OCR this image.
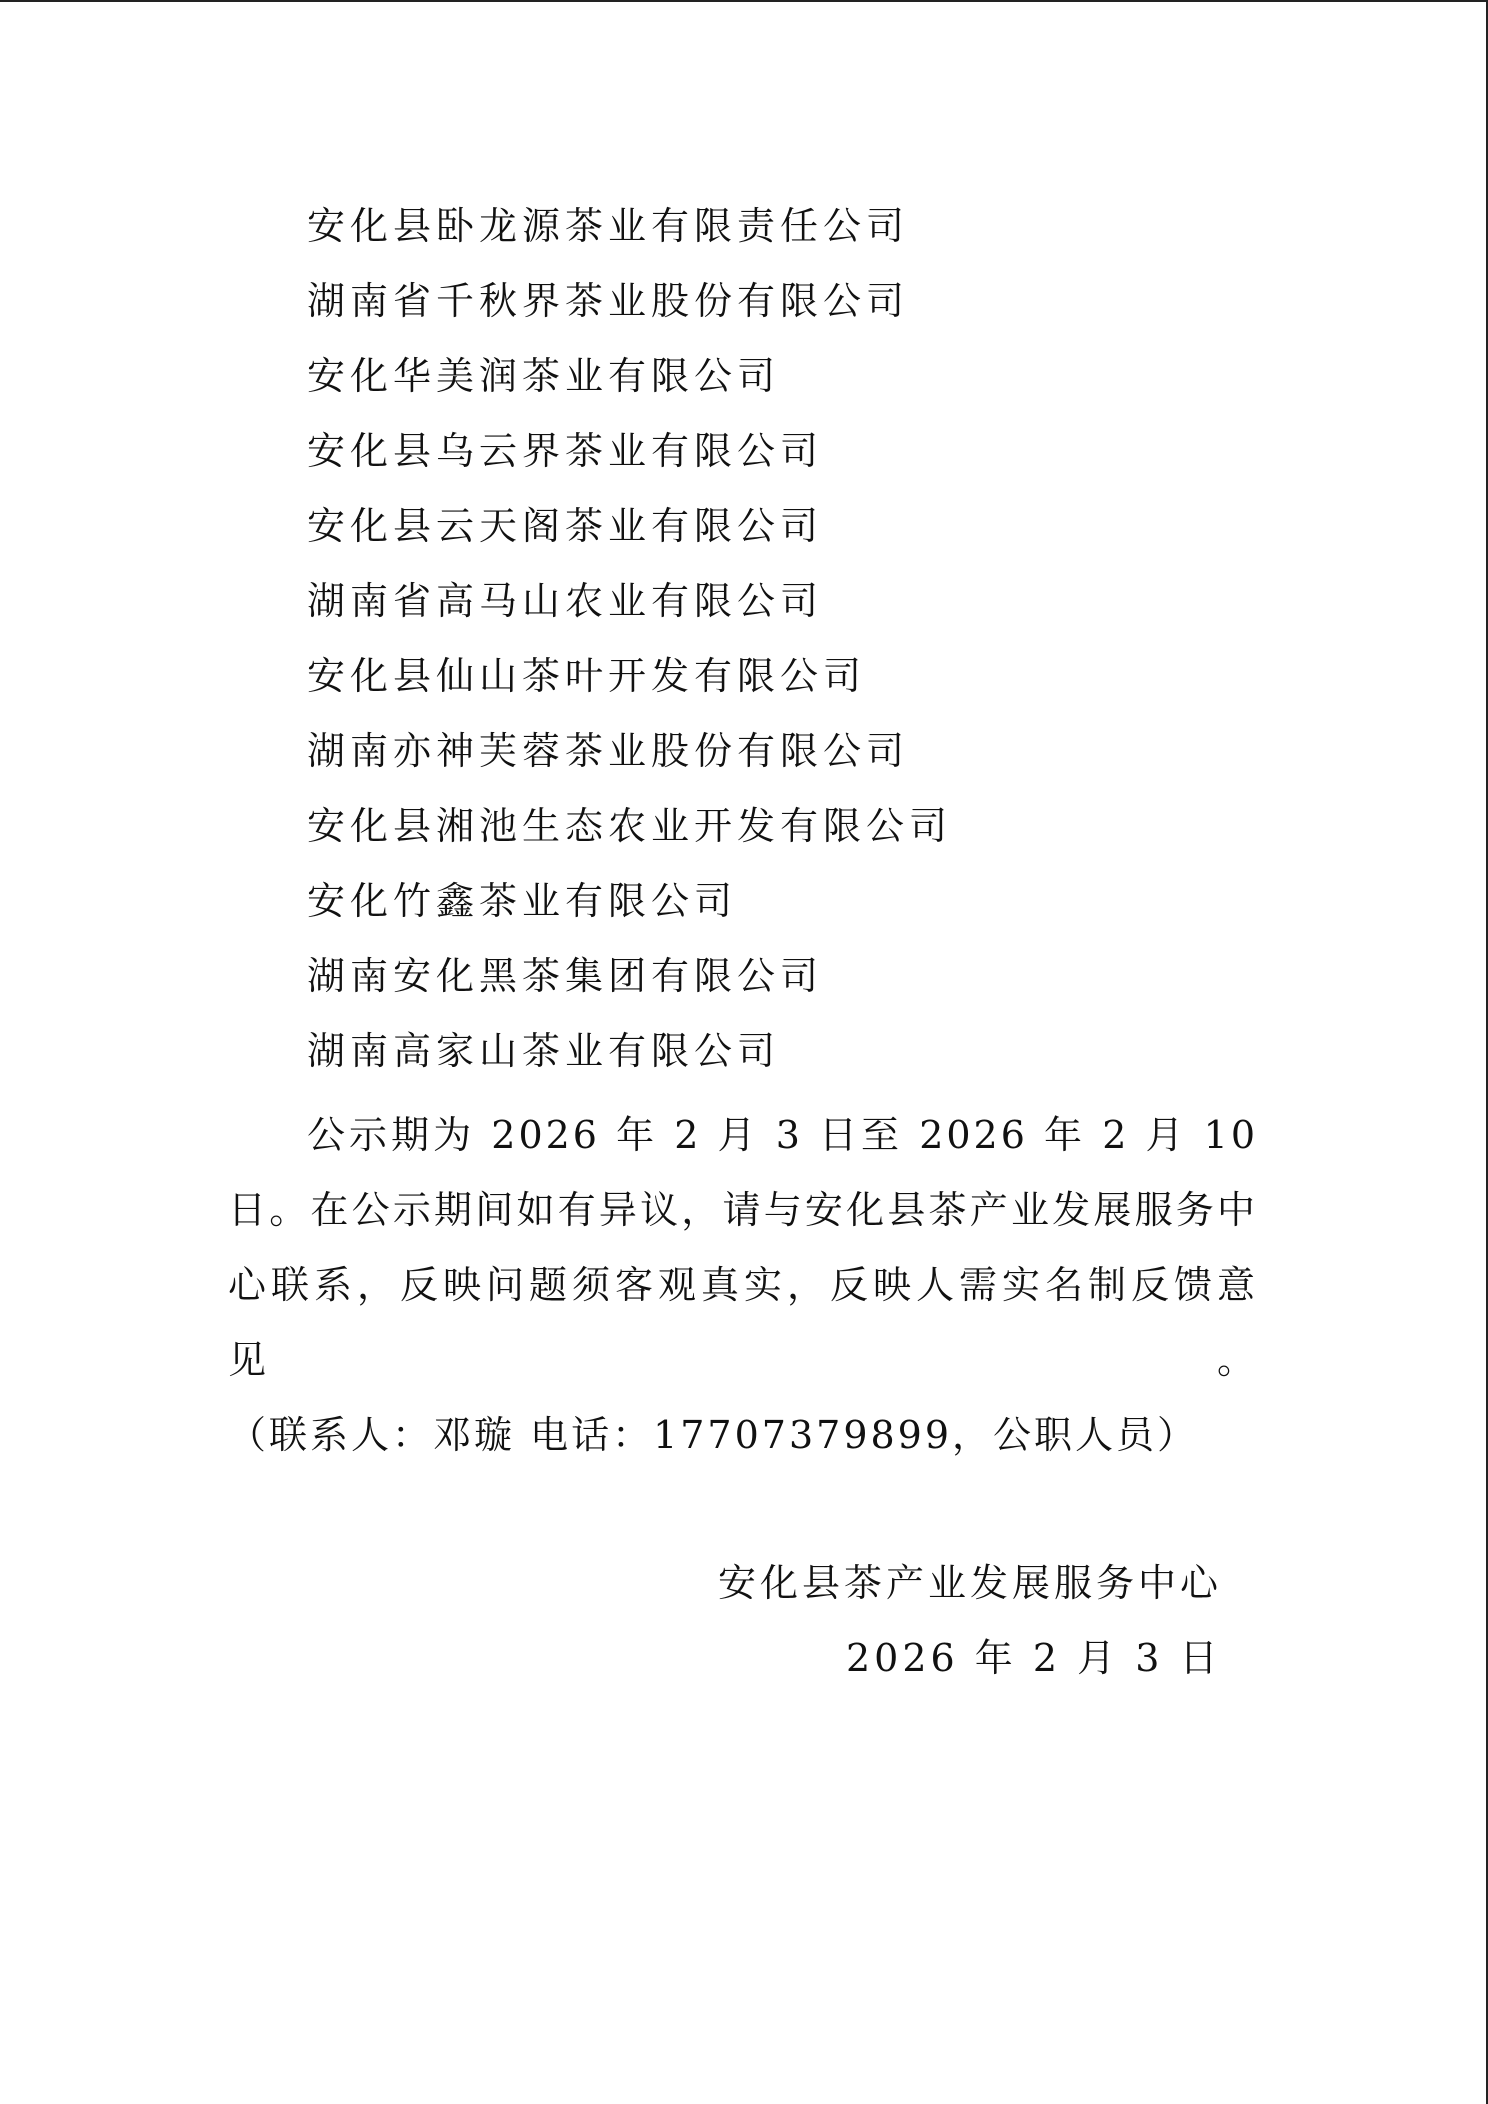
安化县卧龙源茶业有限责任公司
湖南省千秋界茶业股份有限公司
安化华美润茶业有限公司
安化县乌云界茶业有限公司
安化县云天阁茶业有限公司
湖南省高马山农业有限公司
安化县仙山茶叶开发有限公司
湖南亦神芙蓉茶业股份有限公司
安化县湘池生态农业开发有限公司
安化竹鑫茶业有限公司
湖南安化黑茶集团有限公司
湖南高家山茶业有限公司

公示期为 2026 年 2 月 3 日至 2026 年 2 月 10 日。在公示期间如有异议，请与安化县茶产业发展服务中心联系，反映问题须客观真实，反映人需实名制反馈意见。（联系人：邓璇 电话：17707379899，公职人员）

安化县茶产业发展服务中心
2026 年 2 月 3 日
